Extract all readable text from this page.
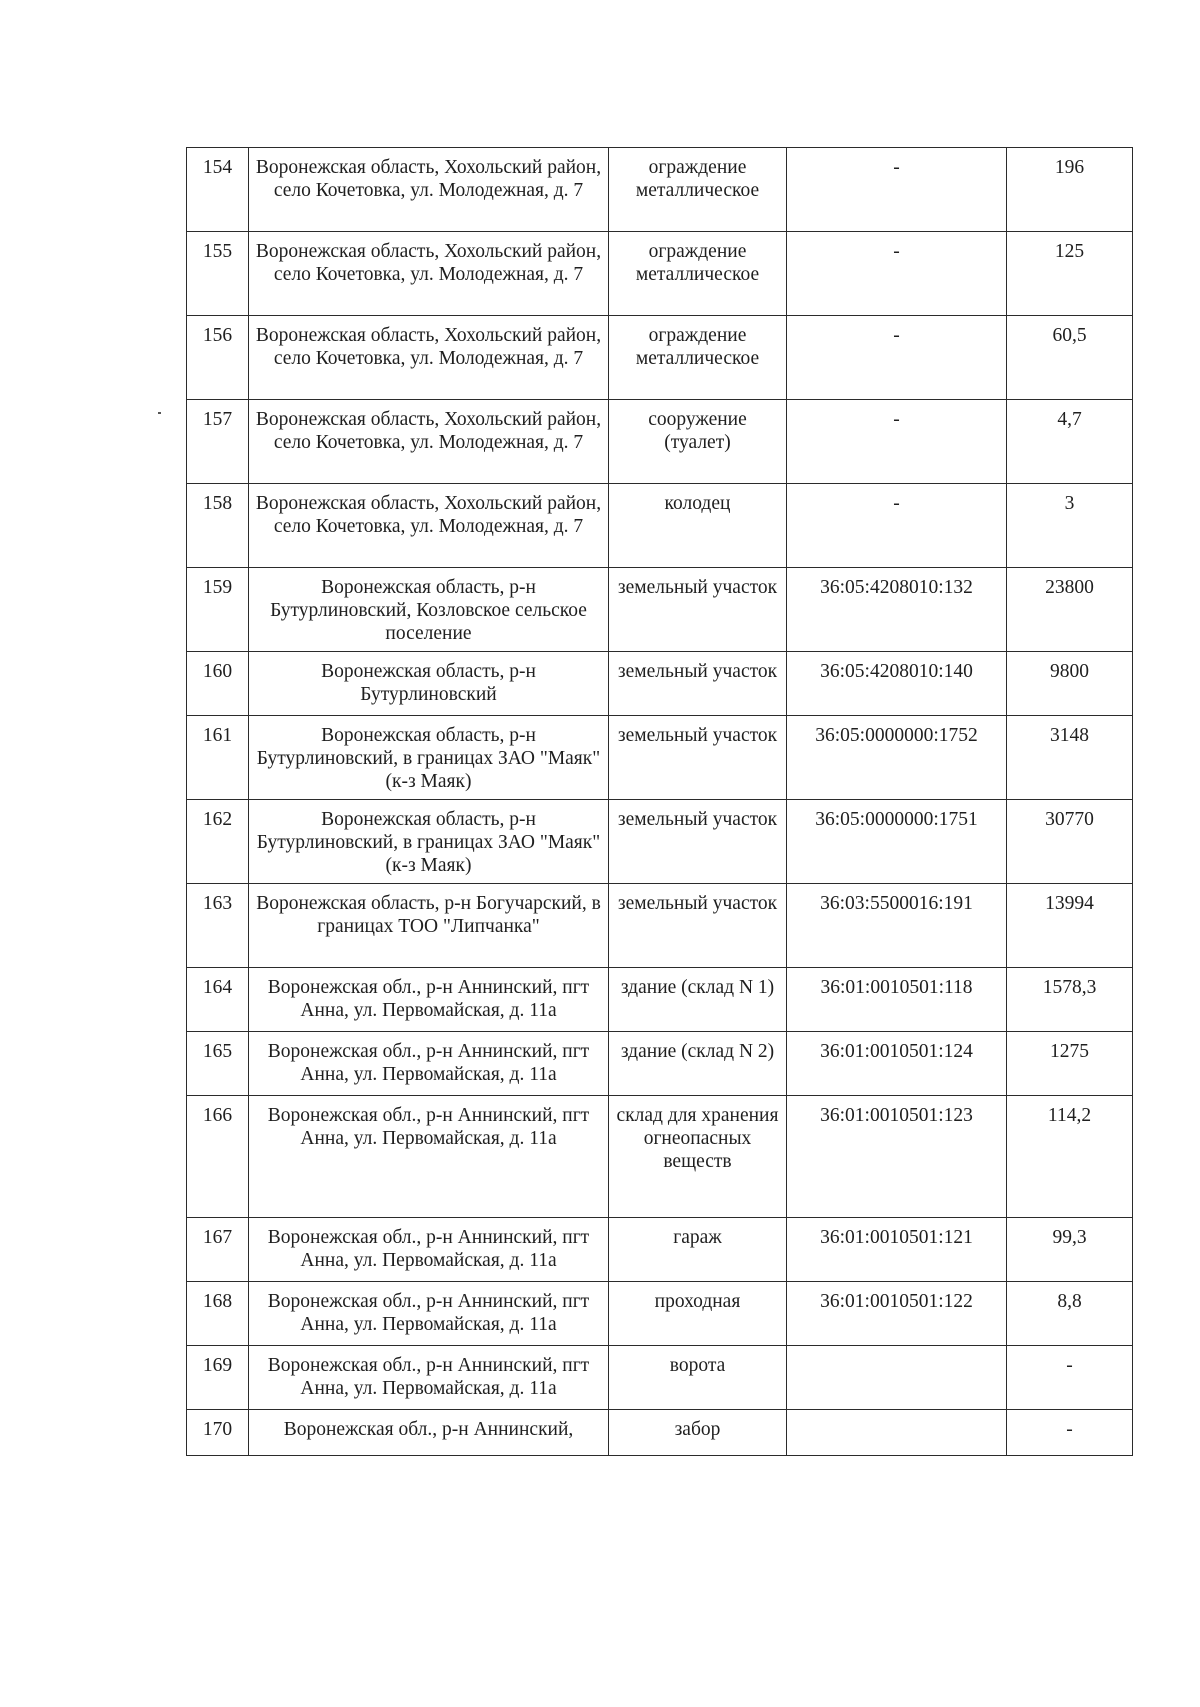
154	Воронежская область, Хохольский район, село Кочетовка, ул. Молодежная, д. 7	ограждение металлическое	-	196
155	Воронежская область, Хохольский район, село Кочетовка, ул. Молодежная, д. 7	ограждение металлическое	-	125
156	Воронежская область, Хохольский район, село Кочетовка, ул. Молодежная, д. 7	ограждение металлическое	-	60,5
157	Воронежская область, Хохольский район, село Кочетовка, ул. Молодежная, д. 7	сооружение (туалет)	-	4,7
158	Воронежская область, Хохольский район, село Кочетовка, ул. Молодежная, д. 7	колодец	-	3
159	Воронежская область, р-н Бутурлиновский, Козловское сельское поселение	земельный участок	36:05:4208010:132	23800
160	Воронежская область, р-н Бутурлиновский	земельный участок	36:05:4208010:140	9800
161	Воронежская область, р-н Бутурлиновский, в границах ЗАО "Маяк" (к-з Маяк)	земельный участок	36:05:0000000:1752	3148
162	Воронежская область, р-н Бутурлиновский, в границах ЗАО "Маяк" (к-з Маяк)	земельный участок	36:05:0000000:1751	30770
163	Воронежская область, р-н Богучарский, в границах ТОО "Липчанка"	земельный участок	36:03:5500016:191	13994
164	Воронежская обл., р-н Аннинский, пгт Анна, ул. Первомайская, д. 11а	здание (склад N 1)	36:01:0010501:118	1578,3
165	Воронежская обл., р-н Аннинский, пгт Анна, ул. Первомайская, д. 11а	здание (склад N 2)	36:01:0010501:124	1275
166	Воронежская обл., р-н Аннинский, пгт Анна, ул. Первомайская, д. 11а	склад для хранения огнеопасных веществ	36:01:0010501:123	114,2
167	Воронежская обл., р-н Аннинский, пгт Анна, ул. Первомайская, д. 11а	гараж	36:01:0010501:121	99,3
168	Воронежская обл., р-н Аннинский, пгт Анна, ул. Первомайская, д. 11а	проходная	36:01:0010501:122	8,8
169	Воронежская обл., р-н Аннинский, пгт Анна, ул. Первомайская, д. 11а	ворота		-
170	Воронежская обл., р-н Аннинский,	забор		-
